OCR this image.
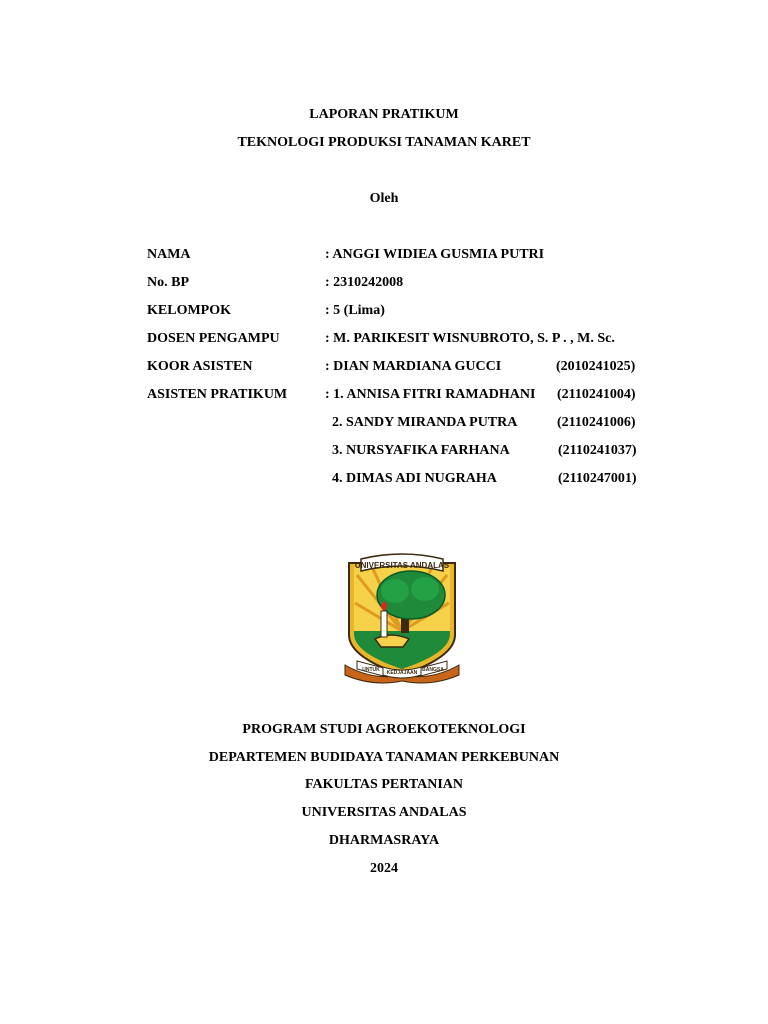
LAPORAN PRATIKUM
TEKNOLOGI PRODUKSI TANAMAN KARET
Oleh
NAMA	: ANGGI WIDIEA GUSMIA PUTRI
No. BP	: 2310242008
KELOMPOK	: 5 (Lima)
DOSEN PENGAMPU	: M. PARIKESIT WISNUBROTO, S. P . , M. Sc.
KOOR ASISTEN	: DIAN MARDIANA GUCCI	(2010241025)
ASISTEN PRATIKUM	: 1. ANNISA FITRI RAMADHANI (2110241004)
2. SANDY MIRANDA PUTRA	(2110241006)
3. NURSYAFIKA FARHANA	(2110241037)
4. DIMAS ADI NUGRAHA	(2110247001)
UNIVERSITAS ANDALAS
UNTUK KEDJAJAAN BANGSA
PROGRAM STUDI AGROEKOTEKNOLOGI
DEPARTEMEN BUDIDAYA TANAMAN PERKEBUNAN
FAKULTAS PERTANIAN
UNIVERSITAS ANDALAS
DHARMASRAYA
2024
